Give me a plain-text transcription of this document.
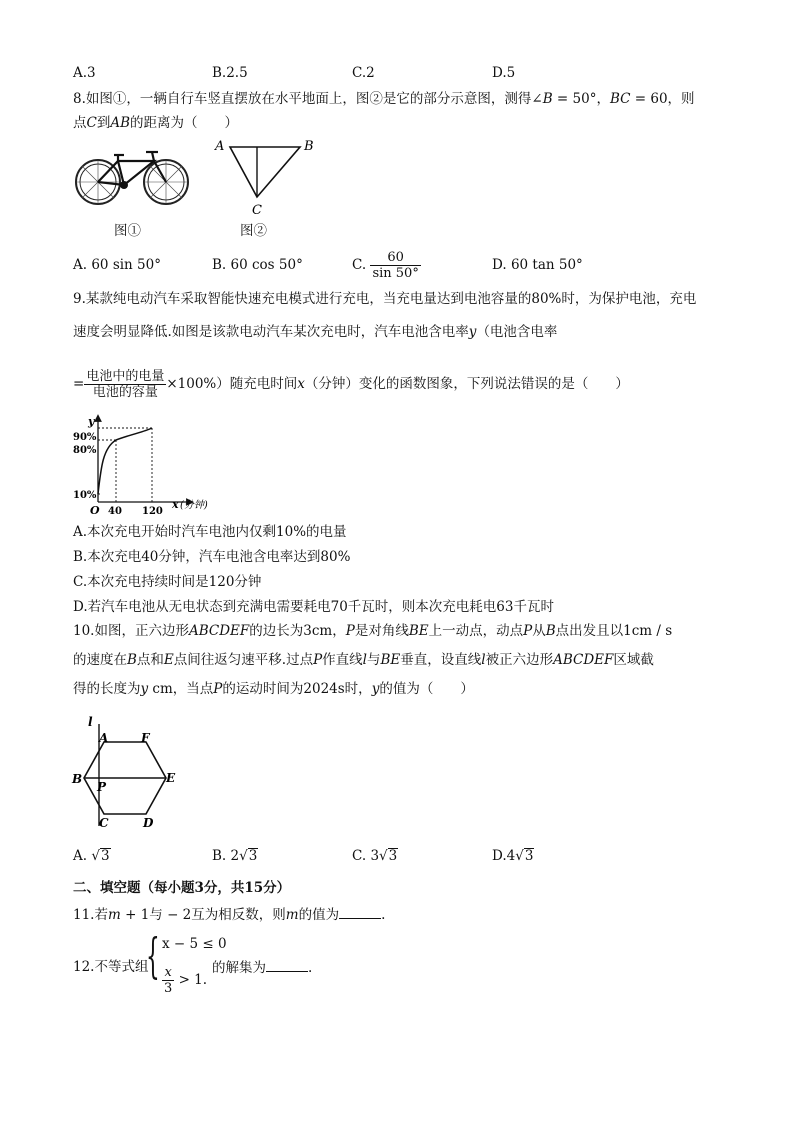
A.3	B.2.5	C.2	D.5
8.如图①，一辆自行车竖直摆放在水平地面上，图②是它的部分示意图，测得∠B = 50°，BC = 60，则
点C到AB的距离为（　　）
图①
A	B
C
图②
A. 60 sin 50°	B. 60 cos 50°	C. $\frac{60}{\sin 50^\circ}$	D. 60 tan 50°
9.某款纯电动汽车采取智能快速充电模式进行充电，当充电量达到电池容量的80%时，为保护电池，充电
速度会明显降低.如图是该款电动汽车某次充电时，汽车电池含电率y（电池含电率
= $\frac{\text{电池中的电量}}{\text{电池的容量}} \times 100\%$）随充电时间x（分钟）变化的函数图象，下列说法错误的是（　　）
y
90%
80%
10%
O 40 120
x (分钟)
A.本次充电开始时汽车电池内仅剩10%的电量
B.本次充电40分钟，汽车电池含电率达到80%
C.本次充电持续时间是120分钟
D.若汽车电池从无电状态到充满电需要耗电70千瓦时，则本次充电耗电63千瓦时
10.如图，正六边形ABCDEF的边长为3cm，P是对角线BE上一动点，动点P从B点出发且以1cm / s
的速度在B点和E点间往返匀速平移.过点P作直线l与BE垂直，设直线l被正六边形ABCDEF区域截
得的长度为y cm，当点P的运动时间为2024s时，y的值为（　　）
l
A	F
B	E
P
C	D
A. √3	B. 2√3	C. 3√3	D.4√3
二、填空题（每小题3分，共15分）
11.若m + 1与 − 2互为相反数，则m的值为	.
12.不等式组
{ x − 5 ≤ 0
$\frac{x}{3} > 1$.
的解集为	.
